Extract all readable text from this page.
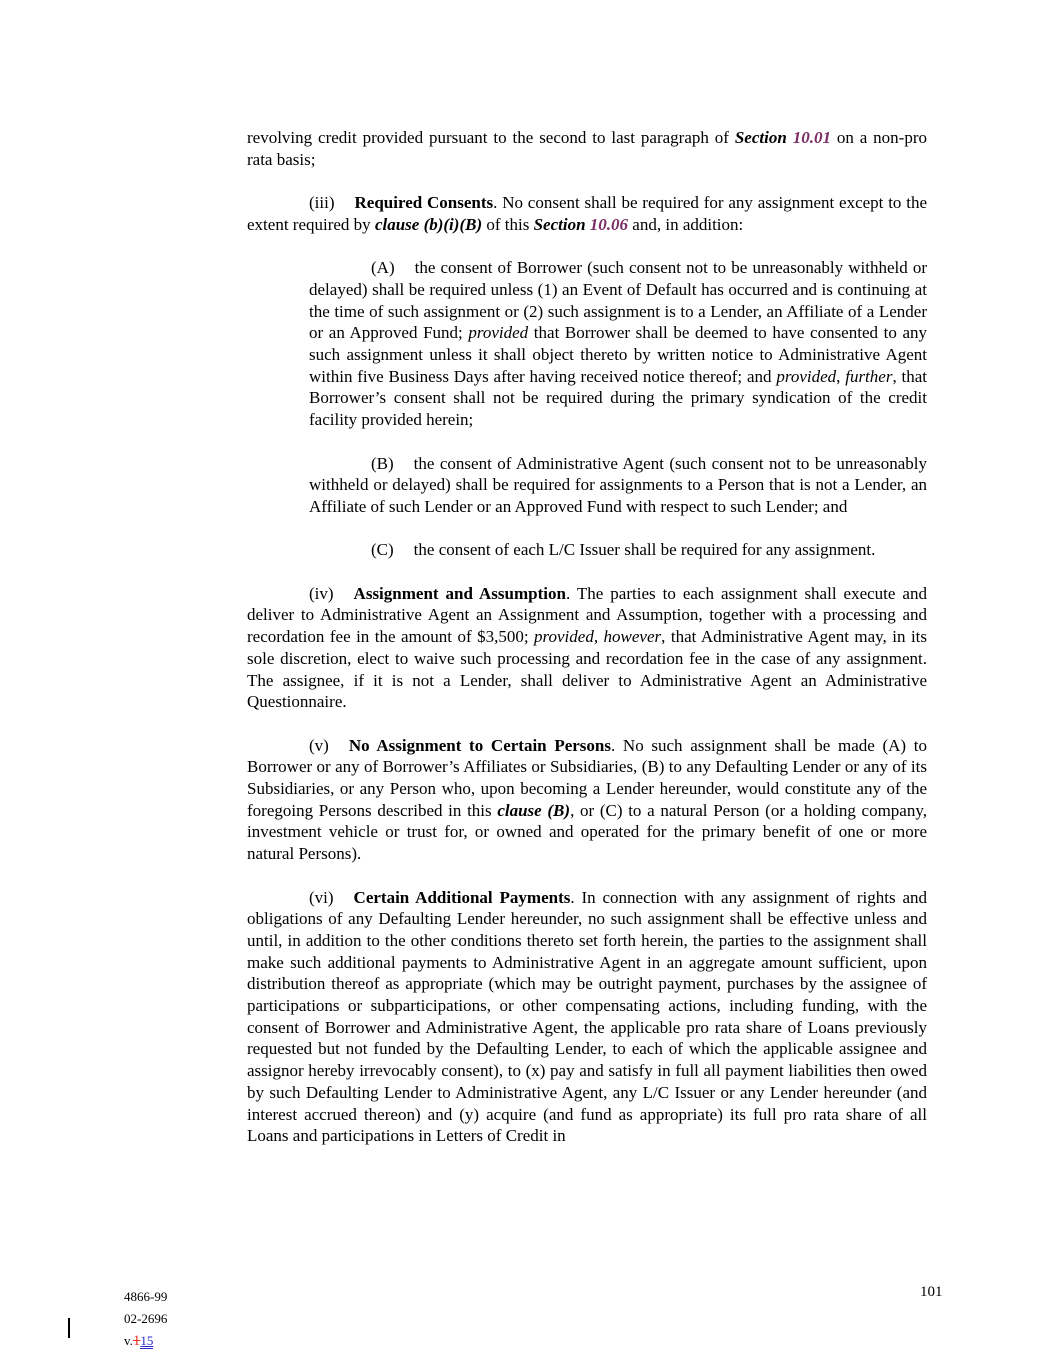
revolving credit provided pursuant to the second to last paragraph of Section 10.01 on a non-pro rata basis;

(iii) Required Consents. No consent shall be required for any assignment except to the extent required by clause (b)(i)(B) of this Section 10.06 and, in addition:

(A) the consent of Borrower (such consent not to be unreasonably withheld or delayed) shall be required unless (1) an Event of Default has occurred and is continuing at the time of such assignment or (2) such assignment is to a Lender, an Affiliate of a Lender or an Approved Fund; provided that Borrower shall be deemed to have consented to any such assignment unless it shall object thereto by written notice to Administrative Agent within five Business Days after having received notice thereof; and provided, further, that Borrower’s consent shall not be required during the primary syndication of the credit facility provided herein;

(B) the consent of Administrative Agent (such consent not to be unreasonably withheld or delayed) shall be required for assignments to a Person that is not a Lender, an Affiliate of such Lender or an Approved Fund with respect to such Lender; and

(C) the consent of each L/C Issuer shall be required for any assignment.

(iv) Assignment and Assumption. The parties to each assignment shall execute and deliver to Administrative Agent an Assignment and Assumption, together with a processing and recordation fee in the amount of $3,500; provided, however, that Administrative Agent may, in its sole discretion, elect to waive such processing and recordation fee in the case of any assignment. The assignee, if it is not a Lender, shall deliver to Administrative Agent an Administrative Questionnaire.

(v) No Assignment to Certain Persons. No such assignment shall be made (A) to Borrower or any of Borrower’s Affiliates or Subsidiaries, (B) to any Defaulting Lender or any of its Subsidiaries, or any Person who, upon becoming a Lender hereunder, would constitute any of the foregoing Persons described in this clause (B), or (C) to a natural Person (or a holding company, investment vehicle or trust for, or owned and operated for the primary benefit of one or more natural Persons).

(vi) Certain Additional Payments. In connection with any assignment of rights and obligations of any Defaulting Lender hereunder, no such assignment shall be effective unless and until, in addition to the other conditions thereto set forth herein, the parties to the assignment shall make such additional payments to Administrative Agent in an aggregate amount sufficient, upon distribution thereof as appropriate (which may be outright payment, purchases by the assignee of participations or subparticipations, or other compensating actions, including funding, with the consent of Borrower and Administrative Agent, the applicable pro rata share of Loans previously requested but not funded by the Defaulting Lender, to each of which the applicable assignee and assignor hereby irrevocably consent), to (x) pay and satisfy in full all payment liabilities then owed by such Defaulting Lender to Administrative Agent, any L/C Issuer or any Lender hereunder (and interest accrued thereon) and (y) acquire (and fund as appropriate) its full pro rata share of all Loans and participations in Letters of Credit in

4866-99
02-2696
v.115
101
